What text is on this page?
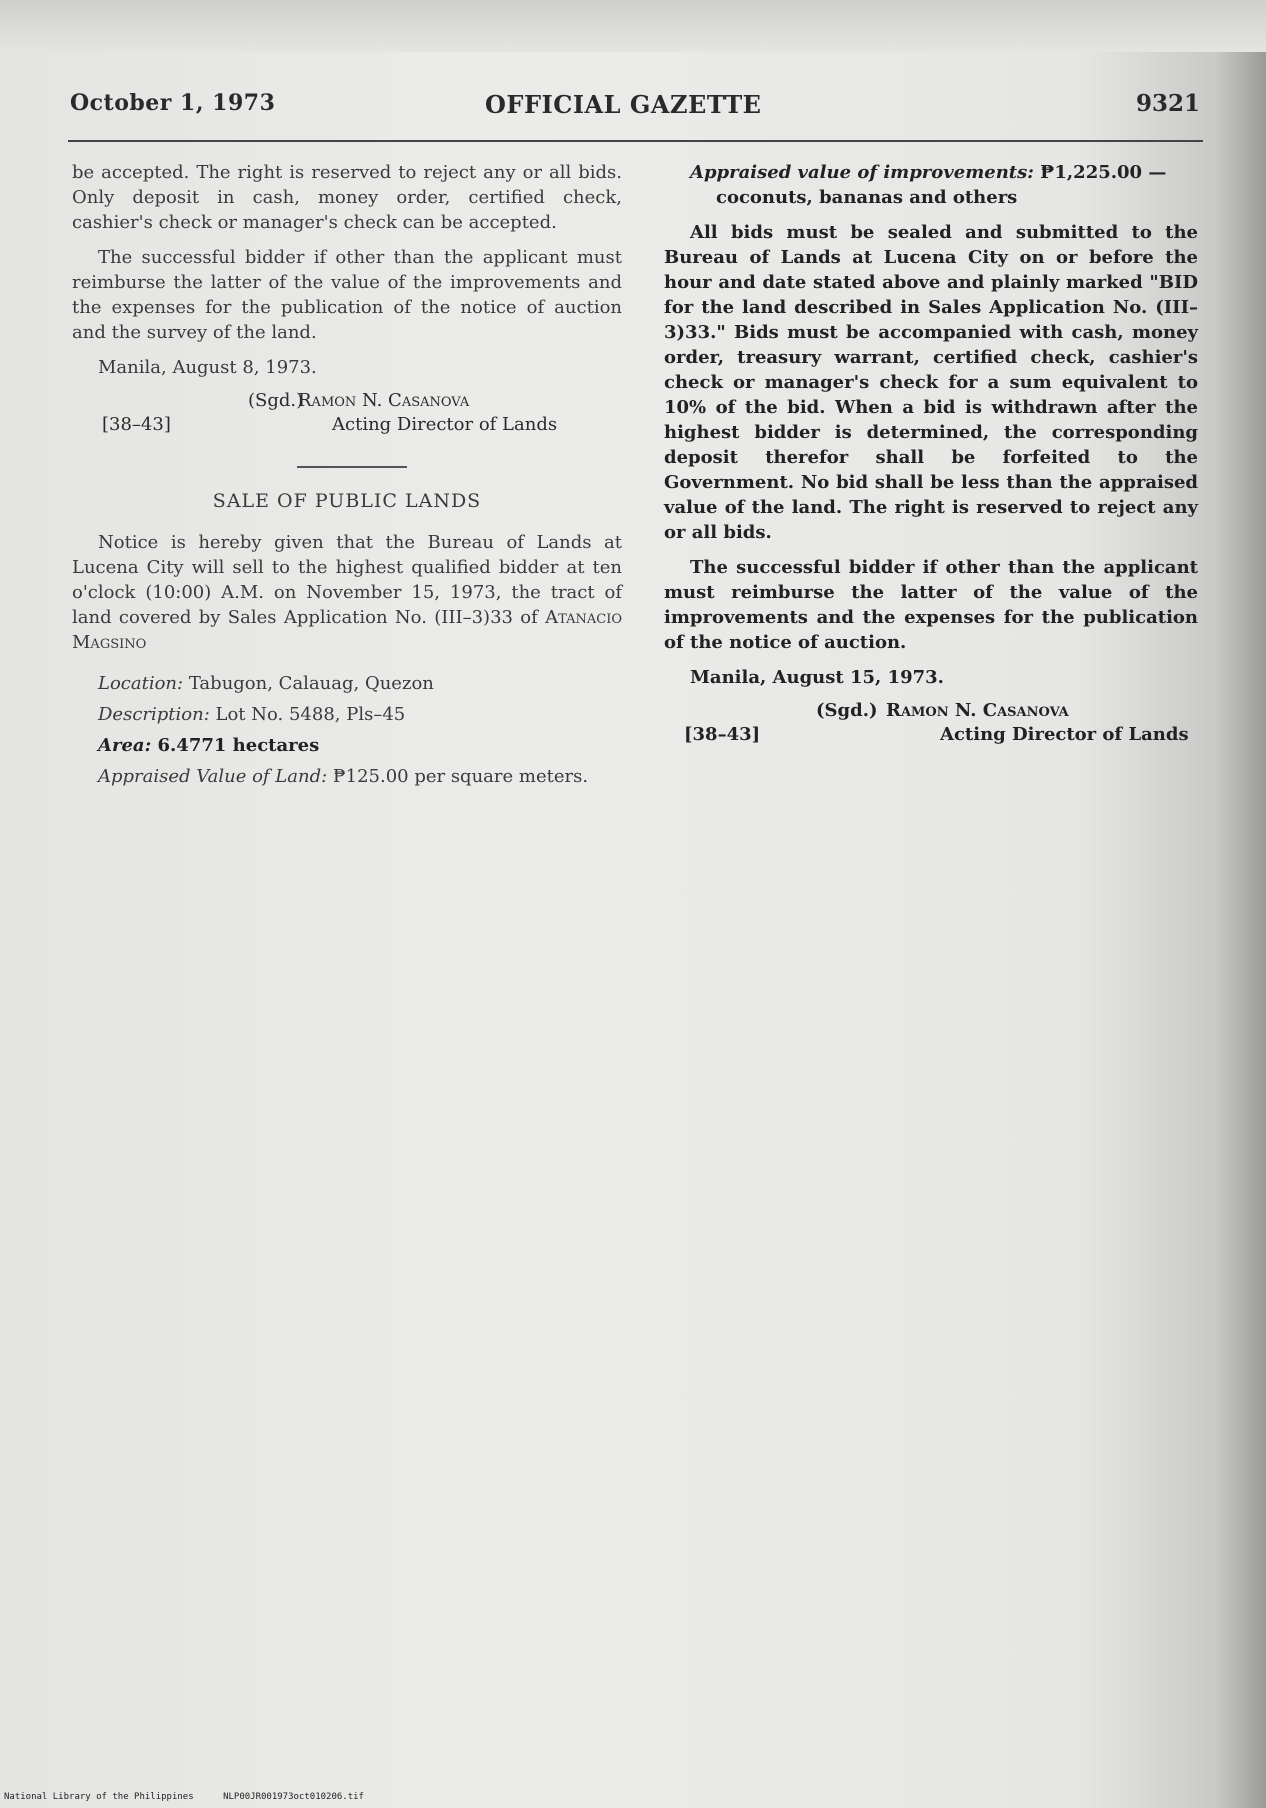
October 1, 1973	OFFICIAL GAZETTE	9321

be accepted. The right is reserved to reject any or all bids. Only deposit in cash, money order, certified check, cashier's check or manager's check can be accepted.

The successful bidder if other than the applicant must reimburse the latter of the value of the improvements and the expenses for the publication of the notice of auction and the survey of the land.

Manila, August 8, 1973.

(Sgd.)
Ramon N. Casanova
[38–43]	Acting Director of Lands
SALE OF PUBLIC LANDS

Notice is hereby given that the Bureau of Lands at Lucena City will sell to the highest qualified bidder at ten o'clock (10:00) A.M. on November 15, 1973, the tract of land covered by Sales Application No. (III–3)33 of Atanacio Magsino

Location: Tabugon, Calauag, Quezon

Description: Lot No. 5488, Pls–45

Area: 6.4771 hectares

Appraised Value of Land: ₱125.00 per square meters.

Appraised value of improvements: ₱1,225.00 —coconuts, bananas and others

All bids must be sealed and submitted to the Bureau of Lands at Lucena City on or before the hour and date stated above and plainly marked "BID for the land described in Sales Application No. (III–3)33." Bids must be accompanied with cash, money order, treasury warrant, certified check, cashier's check or manager's check for a sum equivalent to 10% of the bid. When a bid is withdrawn after the highest bidder is determined, the corresponding deposit therefor shall be forfeited to the Government. No bid shall be less than the appraised value of the land. The right is reserved to reject any or all bids.

The successful bidder if other than the applicant must reimburse the latter of the value of the improvements and the expenses for the publication of the notice of auction.

Manila, August 15, 1973.

(Sgd.) Ramon N. Casanova
[38–43]	Acting Director of Lands
National Library of the Philippines	NLP00JR001973oct010206.tif
